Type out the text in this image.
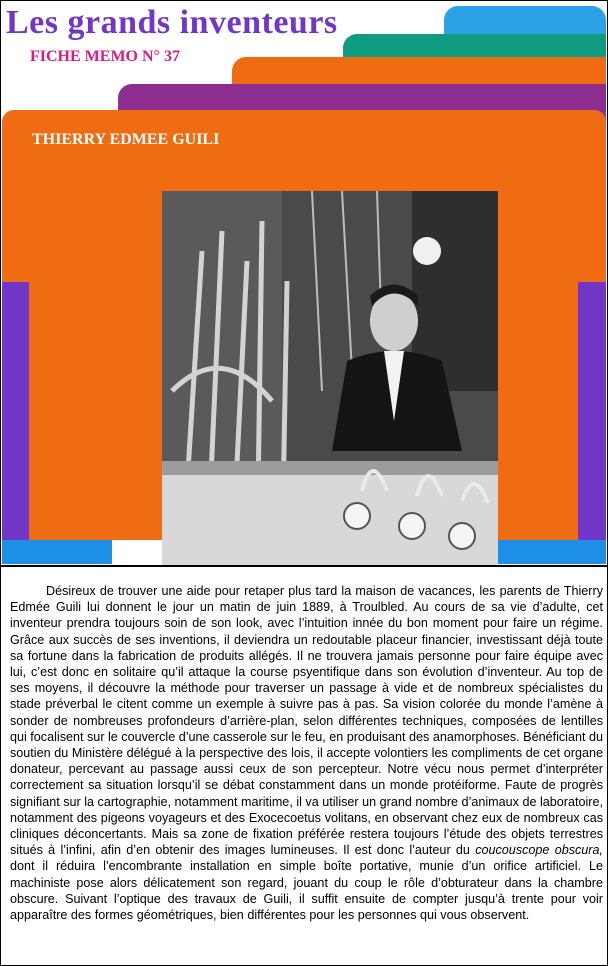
Les grands inventeurs
FICHE MEMO N° 37
THIERRY EDMEE GUILI

Désireux de trouver une aide pour retaper plus tard la maison de vacances, les parents de Thierry Edmée Guili lui donnent le jour un matin de juin 1889, à Troulbled. Au cours de sa vie d’adulte, cet inventeur prendra toujours soin de son look, avec l’intuition innée du bon moment pour faire un régime. Grâce aux succès de ses inventions, il deviendra un redoutable placeur financier, investissant déjà toute sa fortune dans la fabrication de produits allégés. Il ne trouvera jamais personne pour faire équipe avec lui, c’est donc en solitaire qu’il attaque la course psyentifique dans son évolution d’inventeur. Au top de ses moyens, il découvre la méthode pour traverser un passage à vide et de nombreux spécialistes du stade préverbal le citent comme un exemple à suivre pas à pas. Sa vision colorée du monde l’amène à sonder de nombreuses profondeurs d’arrière-plan, selon différentes techniques, composées de lentilles qui focalisent sur le couvercle d’une casserole sur le feu, en produisant des anamorphoses. Bénéficiant du soutien du Ministère délégué à la perspective des lois, il accepte volontiers les compliments de cet organe donateur, percevant au passage aussi ceux de son percepteur. Notre vécu nous permet d’interpréter correctement sa situation lorsqu’il se débat constamment dans un monde protéiforme. Faute de progrès signifiant sur la cartographie, notamment maritime, il va utiliser un grand nombre d’animaux de laboratoire, notamment des pigeons voyageurs et des Exocecoetus volitans, en observant chez eux de nombreux cas cliniques déconcertants. Mais sa zone de fixation préférée restera toujours l’étude des objets terrestres situés à l’infini, afin d’en obtenir des images lumineuses. Il est donc l’auteur du coucouscope obscura, dont il réduira l’encombrante installation en simple boîte portative, munie d’un orifice artificiel. Le machiniste pose alors délicatement son regard, jouant du coup le rôle d’obturateur dans la chambre obscure. Suivant l’optique des travaux de Guili, il suffit ensuite de compter jusqu’à trente pour voir apparaître des formes géométriques, bien différentes pour les personnes qui vous observent.
